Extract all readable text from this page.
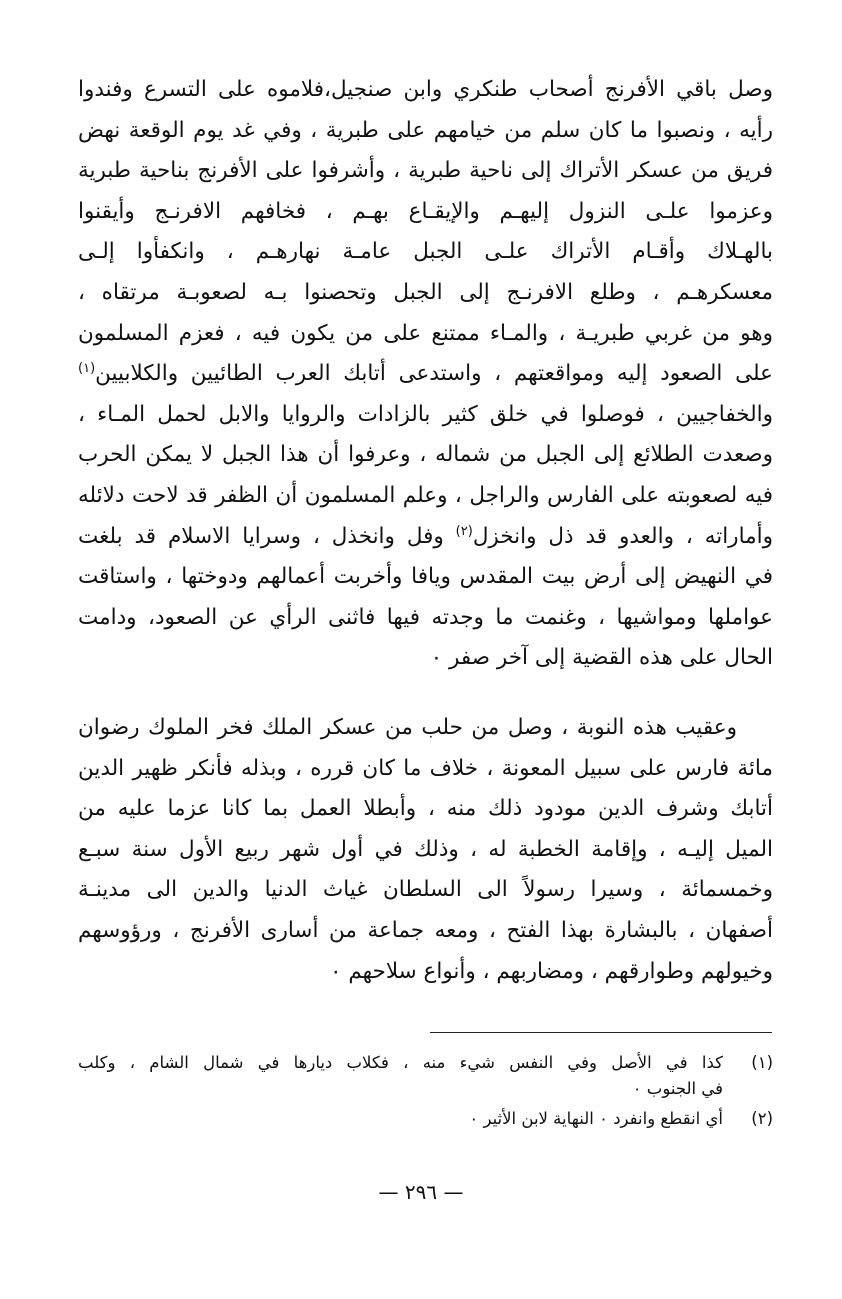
وصل باقي الأفرنج أصحاب طنكري وابن صنجيل،فلاموه على التسرع وفندوا
رأيه ، ونصبوا ما كان سلم من خيامهم على طبرية ، وفي غد يوم الوقعة نهض
فريق من عسكر الأتراك إلى ناحية طبرية ، وأشرفوا على الأفرنج بناحية طبرية
وعزموا علـى النزول إليهـم والإيقـاع بهـم ، فخافهم الافرنـج وأيقنوا
بالهـلاك وأقـام الأتراك علـى الجبل عامـة نهارهـم ، وانكفأوا إلـى
معسكرهـم ، وطلع الافرنـج إلى الجبل وتحصنوا بـه لصعوبـة مرتقاه ،
وهو من غربي طبريـة ، والمـاء ممتنع على من يكون فيه ، فعزم المسلمون
على الصعود إليه ومواقعتهم ، واستدعى أتابك العرب الطائيين والكلابيين$^{(١)}$
والخفاجيين ، فوصلوا في خلق كثير بالزادات والروايا والابل لحمل المـاء ،
وصعدت الطلائع إلى الجبل من شماله ، وعرفوا أن هذا الجبل لا يمكن الحرب
فيه لصعوبته على الفارس والراجل ، وعلم المسلمون أن الظفر قد لاحت دلائله
وأماراته ، والعدو قد ذل وانخزل$^{(٢)}$ وفل وانخذل ، وسرايا الاسلام قد بلغت
في النهيض إلى أرض بيت المقدس ويافا وأخربت أعمالهم ودوختها ، واستاقت
عواملها ومواشيها ، وغنمت ما وجدته فيها فاثنى الرأي عن الصعود، ودامت
الحال على هذه القضية إلى آخر صفر ٠
وعقيب هذه النوبة ، وصل من حلب من عسكر الملك فخر الملوك رضوان
مائة فارس على سبيل المعونة ، خلاف ما كان قرره ، وبذله فأنكر ظهير الدين
أتابك وشرف الدين مودود ذلك منه ، وأبطلا العمل بما كانا عزما عليه من
الميل إليـه ، وإقامة الخطبة له ، وذلك في أول شهر ربيع الأول سنة سبـع
وخمسمائة ، وسيرا رسولاً الى السلطان غياث الدنيا والدين الى مدينـة
أصفهان ، بالبشارة بهذا الفتح ، ومعه جماعة من أسارى الأفرنج ، ورؤوسهم
وخيولهم وطوارقهم ، ومضاربهم ، وأنواع سلاحهم ٠
(١)
كذا في الأصل وفي النفس شيء منه ، فكلاب ديارها في شمال الشام ، وكلب
في الجنوب ٠
(٢)
أي انقطع وانفرد ٠ النهاية لابن الأثير ٠
— ٢٩٦ —
